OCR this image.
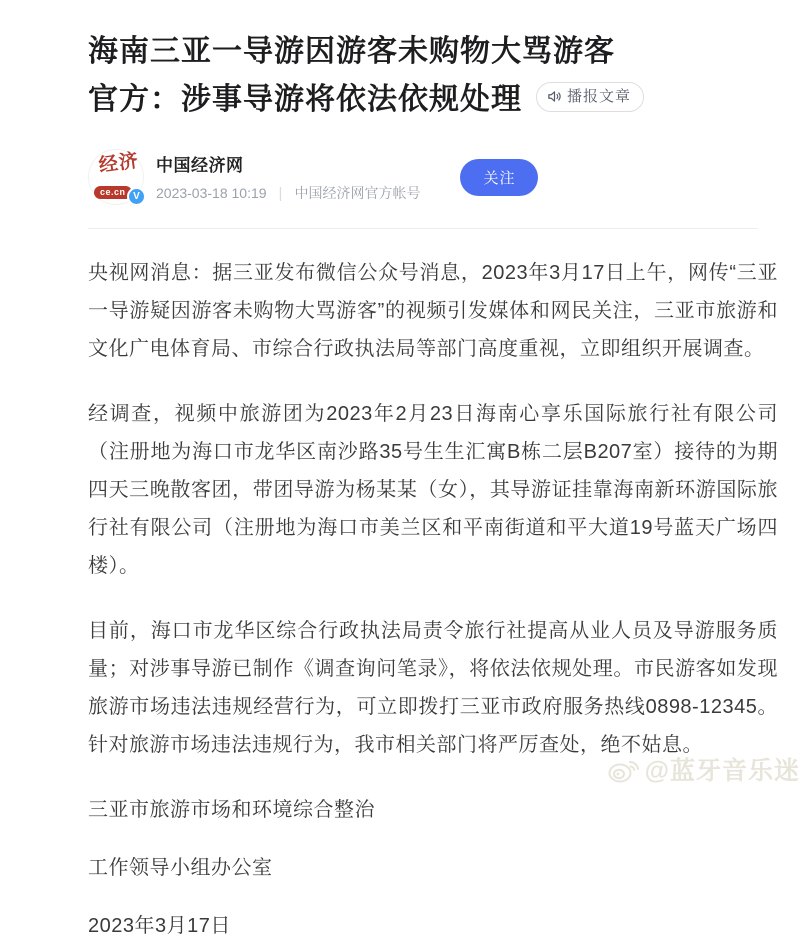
海南三亚一导游因游客未购物大骂游客
官方：涉事导游将依法依规处理	播报文章
经济
ce.cn V
中国经济网
2023-03-18 10:19 | 中国经济网官方帐号
关注

央视网消息：据三亚发布微信公众号消息，2023年3月17日上午，网传“三亚一导游疑因游客未购物大骂游客”的视频引发媒体和网民关注，三亚市旅游和文化广电体育局、市综合行政执法局等部门高度重视，立即组织开展调查。

经调查，视频中旅游团为2023年2月23日海南心享乐国际旅行社有限公司（注册地为海口市龙华区南沙路35号生生汇寓B栋二层B207室）接待的为期四天三晚散客团，带团导游为杨某某（女），其导游证挂靠海南新环游国际旅行社有限公司（注册地为海口市美兰区和平南街道和平大道19号蓝天广场四楼）。

目前，海口市龙华区综合行政执法局责令旅行社提高从业人员及导游服务质量；对涉事导游已制作《调查询问笔录》，将依法依规处理。市民游客如发现旅游市场违法违规经营行为，可立即拨打三亚市政府服务热线0898-12345。针对旅游市场违法违规行为，我市相关部门将严厉查处，绝不姑息。

三亚市旅游市场和环境综合整治

工作领导小组办公室

2023年3月17日

@蓝牙音乐迷
